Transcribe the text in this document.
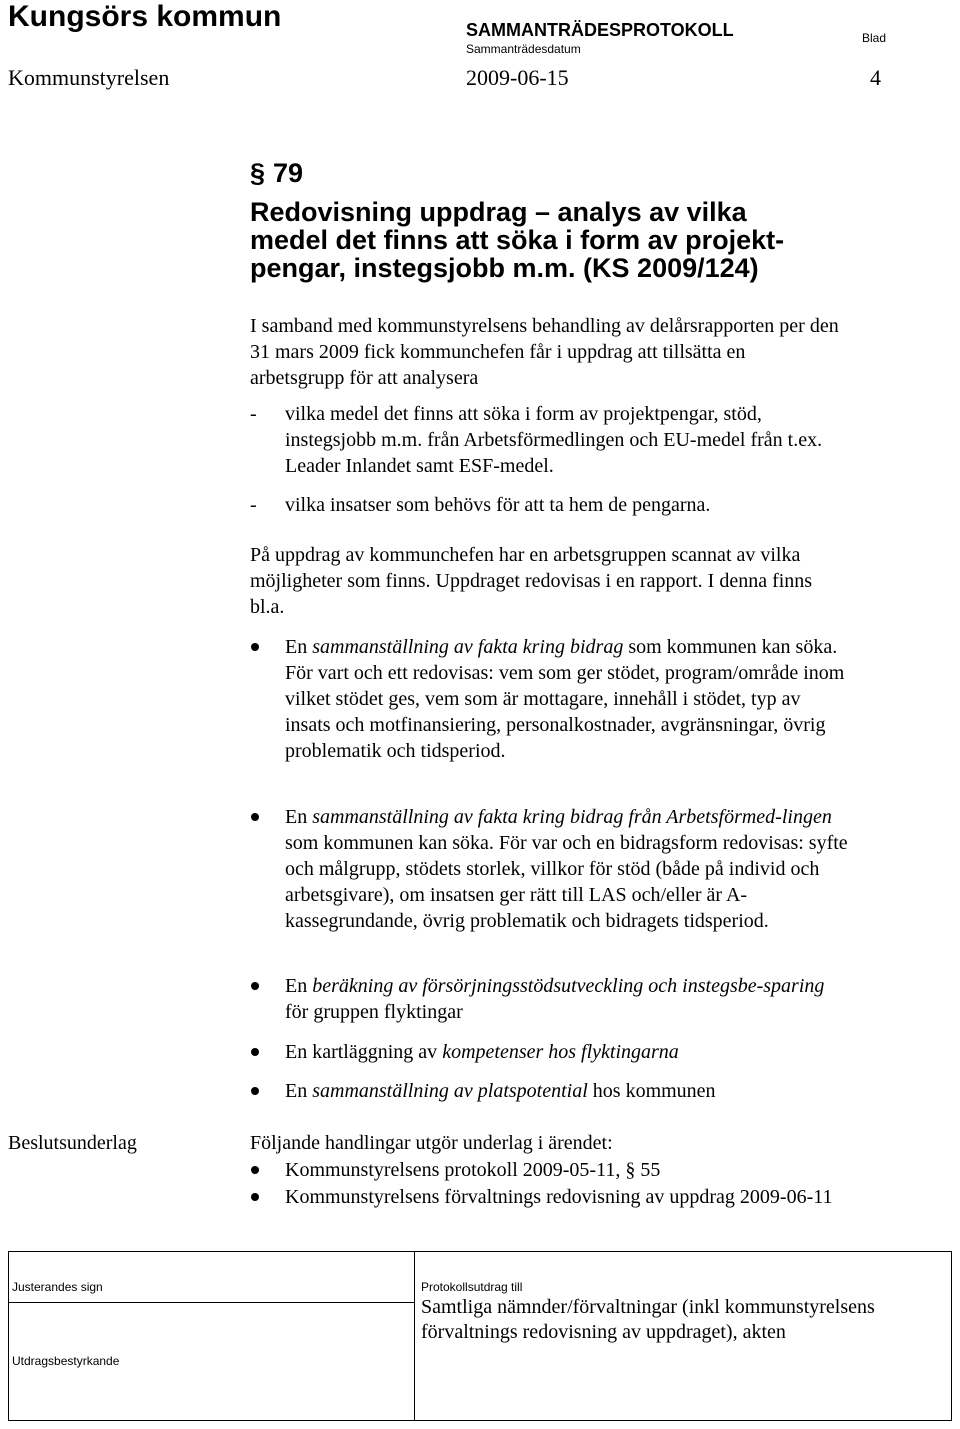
Kungsörs kommun	SAMMANTRÄDESPROTOKOLL
Sammanträdesdatum
Blad
Kommunstyrelsen	2009-06-15	4
§ 79
Redovisning uppdrag – analys av vilka medel det finns att söka i form av projekt-pengar, instegsjobb m.m. (KS 2009/124)
I samband med kommunstyrelsens behandling av delårsrapporten per den 31 mars 2009 fick kommunchefen får i uppdrag att tillsätta en arbetsgrupp för att analysera
- vilka medel det finns att söka i form av projektpengar, stöd, instegsjobb m.m. från Arbetsförmedlingen och EU-medel från t.ex. Leader Inlandet samt ESF-medel.
- vilka insatser som behövs för att ta hem de pengarna.
På uppdrag av kommunchefen har en arbetsgruppen scannat av vilka möjligheter som finns. Uppdraget redovisas i en rapport. I denna finns bl.a.
En sammanställning av fakta kring bidrag som kommunen kan söka. För vart och ett redovisas: vem som ger stödet, program/område inom vilket stödet ges, vem som är mottagare, innehåll i stödet, typ av insats och motfinansiering, personalkostnader, avgränsningar, övrig problematik och tidsperiod.
En sammanställning av fakta kring bidrag från Arbetsförmed-lingen som kommunen kan söka. För var och en bidragsform redovisas: syfte och målgrupp, stödets storlek, villkor för stöd (både på individ och arbetsgivare), om insatsen ger rätt till LAS och/eller är A-kassegrundande, övrig problematik och bidragets tidsperiod.
En beräkning av försörjningsstödsutveckling och instegsbe-sparing för gruppen flyktingar
En kartläggning av kompetenser hos flyktingarna
En sammanställning av platspotential hos kommunen
Beslutsunderlag	Följande handlingar utgör underlag i ärendet:
Kommunstyrelsens protokoll 2009-05-11, § 55
Kommunstyrelsens förvaltnings redovisning av uppdrag 2009-06-11
Justerandes sign
Utdragsbestyrkande
Protokollsutdrag till
Samtliga nämnder/förvaltningar (inkl kommunstyrelsens förvaltnings redovisning av uppdraget), akten
